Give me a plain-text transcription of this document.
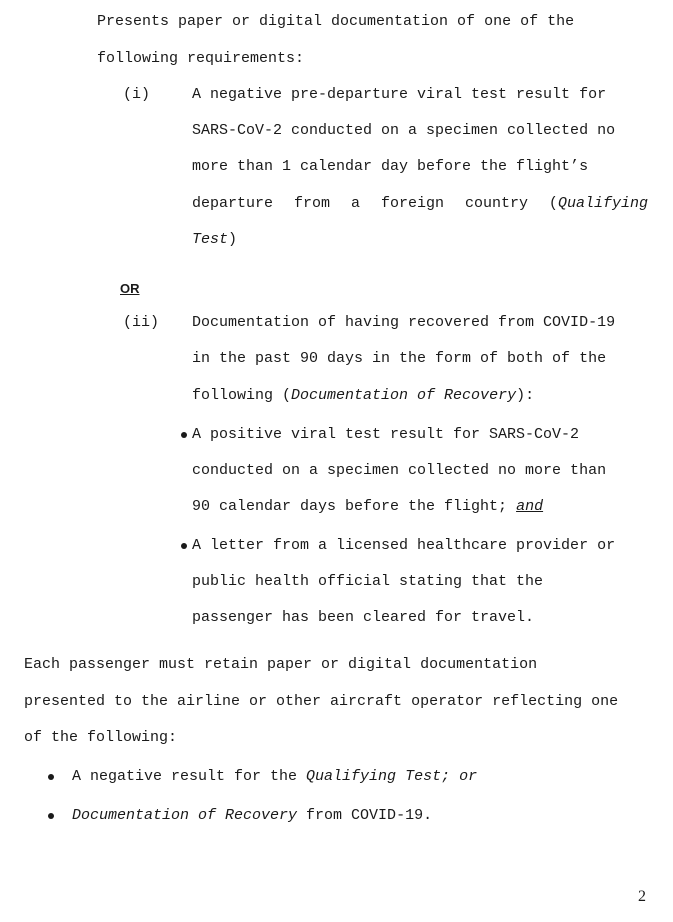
Presents paper or digital documentation of one of the
following requirements:
(i)	A negative pre-departure viral test result for
SARS-CoV-2 conducted on a specimen collected no
more than 1 calendar day before the flight’s
departure from a foreign country (Qualifying
Test)
OR
(ii) Documentation of having recovered from COVID-19
in the past 90 days in the form of both of the
following (Documentation of Recovery):
A positive viral test result for SARS-CoV-2
conducted on a specimen collected no more than
90 calendar days before the flight; and
A letter from a licensed healthcare provider or
public health official stating that the
passenger has been cleared for travel.
Each passenger must retain paper or digital documentation
presented to the airline or other aircraft operator reflecting one
of the following:
A negative result for the Qualifying Test; or
Documentation of Recovery from COVID-19.
2
